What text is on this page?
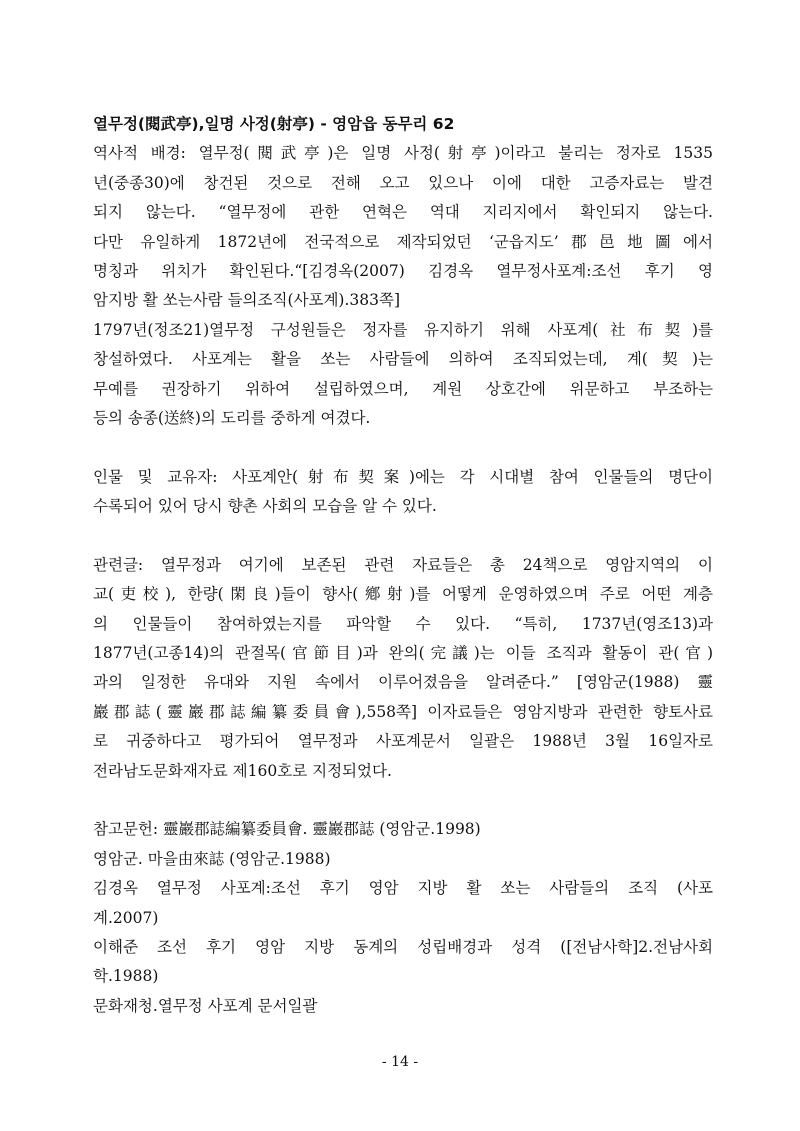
열무정(閱武亭),일명 사정(射亭) - 영암읍 동무리 62
역사적 배경: 열무정(閱武亭)은 일명 사정(射亭)이라고 불리는 정자로 1535
년(중종30)에 창건된 것으로 전해 오고 있으나 이에 대한 고증자료는 발견
되지 않는다. “열무정에 관한 연혁은 역대 지리지에서 확인되지 않는다.
다만 유일하게 1872년에 전국적으로 제작되었던 ‘군읍지도’郡邑地圖에서
명칭과 위치가 확인된다.“[김경옥(2007) 김경옥 열무정사포계:조선 후기 영
암지방 활 쏘는사람 들의조직(사포계).383쪽]
1797년(정조21)열무정 구성원들은 정자를 유지하기 위해 사포계(社布契)를
창설하였다. 사포계는 활을 쏘는 사람들에 의하여 조직되었는데, 계(契)는
무예를 권장하기 위하여 설립하였으며, 계원 상호간에 위문하고 부조하는
등의 송종(送終)의 도리를 중하게 여겼다.
인물 및 교유자: 사포계안(射布契案)에는 각 시대별 참여 인물들의 명단이
수록되어 있어 당시 향촌 사회의 모습을 알 수 있다.
관련글: 열무정과 여기에 보존된 관련 자료들은 총 24책으로 영암지역의 이
교(吏校), 한량(閑良)들이 향사(鄕射)를 어떻게 운영하였으며 주로 어떤 계층
의 인물들이 참여하였는지를 파악할 수 있다. “특히, 1737년(영조13)과
1877년(고종14)의 관절목(官節目)과 완의(完議)는 이들 조직과 활동이 관(官)
과의 일정한 유대와 지원 속에서 이루어졌음을 알려준다.” [영암군(1988) 靈
巖郡誌(靈巖郡誌編纂委員會),558쪽] 이자료들은 영암지방과 관련한 향토사료
로 귀중하다고 평가되어 열무정과 사포계문서 일괄은 1988년 3월 16일자로
전라남도문화재자료 제160호로 지정되었다.
참고문헌: 靈巖郡誌編纂委員會. 靈巖郡誌 (영암군.1998)
영암군. 마을由來誌 (영암군.1988)
김경옥 열무정 사포계:조선 후기 영암 지방 활 쏘는 사람들의 조직 (사포
계.2007)
이해준 조선 후기 영암 지방 동계의 성립배경과 성격 ([전남사학]2.전남사회
학.1988)
문화재청.열무정 사포계 문서일괄
- 14 -
